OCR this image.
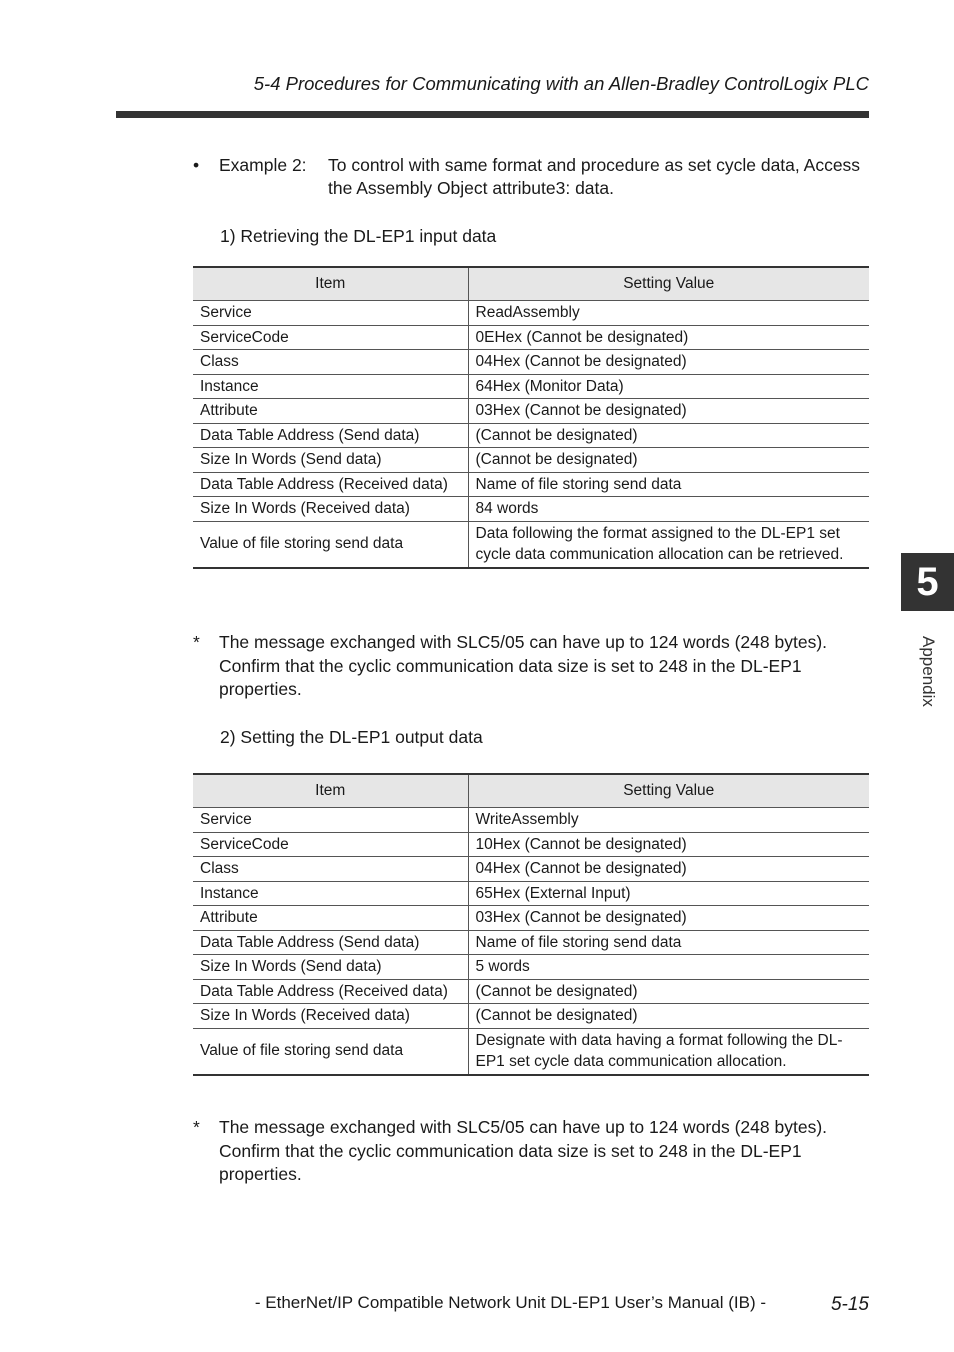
5-4 Procedures for Communicating with an Allen-Bradley ControlLogix PLC
• Example 2: To control with same format and procedure as set cycle data, Access the Assembly Object attribute3: data.
1) Retrieving the DL-EP1 input data
Item	Setting Value
Service	ReadAssembly
ServiceCode	0EHex (Cannot be designated)
Class	04Hex (Cannot be designated)
Instance	64Hex (Monitor Data)
Attribute	03Hex (Cannot be designated)
Data Table Address (Send data)	(Cannot be designated)
Size In Words (Send data)	(Cannot be designated)
Data Table Address (Received data)	Name of file storing send data
Size In Words (Received data)	84 words
Value of file storing send data	Data following the format assigned to the DL-EP1 set cycle data communication allocation can be retrieved.
* The message exchanged with SLC5/05 can have up to 124 words (248 bytes). Confirm that the cyclic communication data size is set to 248 in the DL-EP1 properties.
2) Setting the DL-EP1 output data
Item	Setting Value
Service	WriteAssembly
ServiceCode	10Hex (Cannot be designated)
Class	04Hex (Cannot be designated)
Instance	65Hex (External Input)
Attribute	03Hex (Cannot be designated)
Data Table Address (Send data)	Name of file storing send data
Size In Words (Send data)	5 words
Data Table Address (Received data)	(Cannot be designated)
Size In Words (Received data)	(Cannot be designated)
Value of file storing send data	Designate with data having a format following the DL-EP1 set cycle data communication allocation.
* The message exchanged with SLC5/05 can have up to 124 words (248 bytes). Confirm that the cyclic communication data size is set to 248 in the DL-EP1 properties.
5
Appendix
- EtherNet/IP Compatible Network Unit DL-EP1 User’s Manual (IB) -	5-15
